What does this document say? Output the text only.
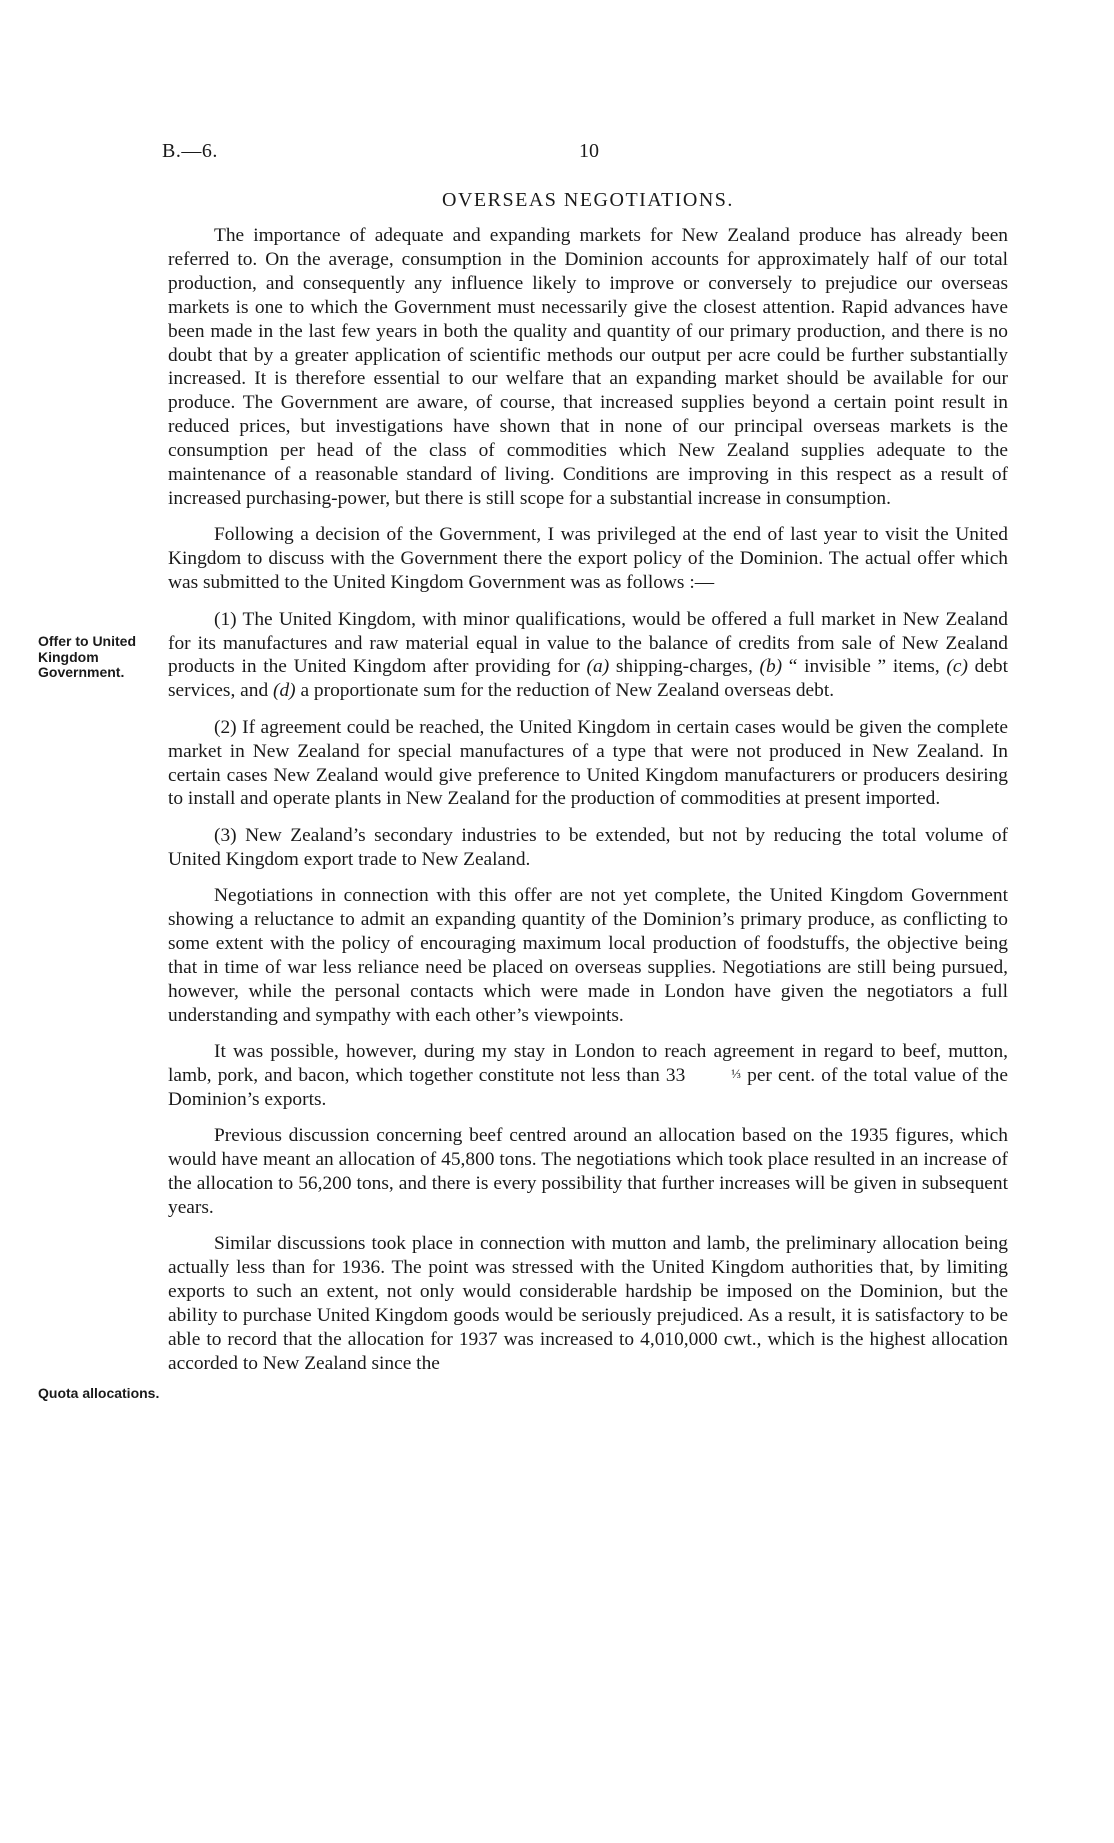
B.—6.	10
OVERSEAS NEGOTIATIONS.
Offer to United Kingdom Government.
Quota allocations.

The importance of adequate and expanding markets for New Zealand produce has already been referred to. On the average, consumption in the Dominion accounts for approximately half of our total production, and consequently any influence likely to improve or conversely to prejudice our overseas markets is one to which the Government must necessarily give the closest attention. Rapid advances have been made in the last few years in both the quality and quantity of our primary production, and there is no doubt that by a greater application of scientific methods our output per acre could be further substantially increased. It is therefore essential to our welfare that an expanding market should be available for our produce. The Government are aware, of course, that increased supplies beyond a certain point result in reduced prices, but investigations have shown that in none of our principal overseas markets is the consumption per head of the class of commodities which New Zealand supplies adequate to the maintenance of a reasonable standard of living. Conditions are improving in this respect as a result of increased purchasing-power, but there is still scope for a substantial increase in consumption.

Following a decision of the Government, I was privileged at the end of last year to visit the United Kingdom to discuss with the Government there the export policy of the Dominion. The actual offer which was submitted to the United Kingdom Government was as follows :—

(1) The United Kingdom, with minor qualifications, would be offered a full market in New Zealand for its manufactures and raw material equal in value to the balance of credits from sale of New Zealand products in the United Kingdom after providing for (a) shipping-charges, (b) “ invisible ” items, (c) debt services, and (d) a proportionate sum for the reduction of New Zealand overseas debt.

(2) If agreement could be reached, the United Kingdom in certain cases would be given the complete market in New Zealand for special manufactures of a type that were not produced in New Zealand. In certain cases New Zealand would give preference to United Kingdom manufacturers or producers desiring to install and operate plants in New Zealand for the production of commodities at present imported.

(3) New Zealand’s secondary industries to be extended, but not by reducing the total volume of United Kingdom export trade to New Zealand.

Negotiations in connection with this offer are not yet complete, the United Kingdom Government showing a reluctance to admit an expanding quantity of the Dominion’s primary produce, as conflicting to some extent with the policy of encouraging maximum local production of foodstuffs, the objective being that in time of war less reliance need be placed on overseas supplies. Negotiations are still being pursued, however, while the personal contacts which were made in London have given the negotiators a full understanding and sympathy with each other’s viewpoints.

It was possible, however, during my stay in London to reach agreement in regard to beef, mutton, lamb, pork, and bacon, which together constitute not less than 33	⅓ per cent. of the total value of the Dominion’s exports.

Previous discussion concerning beef centred around an allocation based on the 1935 figures, which would have meant an allocation of 45,800 tons. The negotiations which took place resulted in an increase of the allocation to 56,200 tons, and there is every possibility that further increases will be given in subsequent years.

Similar discussions took place in connection with mutton and lamb, the preliminary allocation being actually less than for 1936. The point was stressed with the United Kingdom authorities that, by limiting exports to such an extent, not only would considerable hardship be imposed on the Dominion, but the ability to purchase United Kingdom goods would be seriously prejudiced. As a result, it is satisfactory to be able to record that the allocation for 1937 was increased to 4,010,000 cwt., which is the highest allocation accorded to New Zealand since the
